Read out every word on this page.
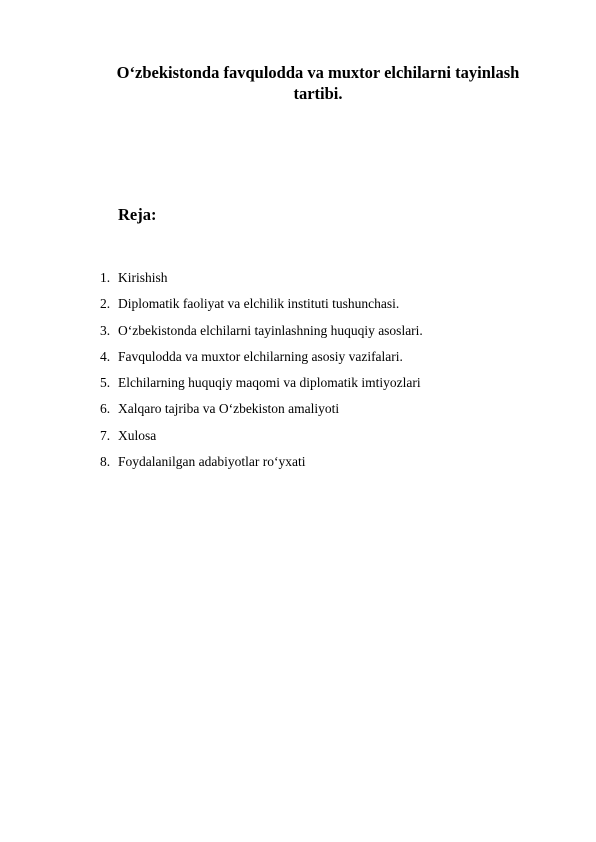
O‘zbekistonda favqulodda va muxtor elchilarni tayinlash
tartibi.
Reja:
1. Kirishish
2. Diplomatik faoliyat va elchilik instituti tushunchasi.
3. O‘zbekistonda elchilarni tayinlashning huquqiy asoslari.
4. Favqulodda va muxtor elchilarning asosiy vazifalari.
5. Elchilarning huquqiy maqomi va diplomatik imtiyozlari
6. Xalqaro tajriba va O‘zbekiston amaliyoti
7. Xulosa
8. Foydalanilgan adabiyotlar ro‘yxati
